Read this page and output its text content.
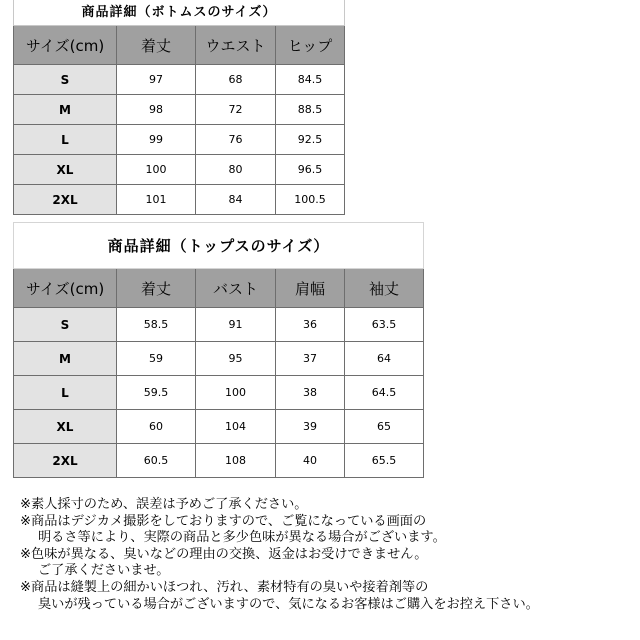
商品詳細（ボトムスのサイズ）			
サイズ(cm)	着丈	ウエスト	ヒップ
S	97	68	84.5
M	98	72	88.5
L	99	76	92.5
XL	100	80	96.5
2XL	101	84	100.5
商品詳細（トップスのサイズ）				
サイズ(cm)	着丈	バスト	肩幅	袖丈
S	58.5	91	36	63.5
M	59	95	37	64
L	59.5	100	38	64.5
XL	60	104	39	65
2XL	60.5	108	40	65.5
※素人採寸のため、誤差は予めご了承ください。
※商品はデジカメ撮影をしておりますので、ご覧になっている画面の
明るさ等により、実際の商品と多少色味が異なる場合がございます。
※色味が異なる、臭いなどの理由の交換、返金はお受けできません。
ご了承くださいませ。
※商品は縫製上の細かいほつれ、汚れ、素材特有の臭いや接着剤等の
臭いが残っている場合がございますので、気になるお客様はご購入をお控え下さい。
